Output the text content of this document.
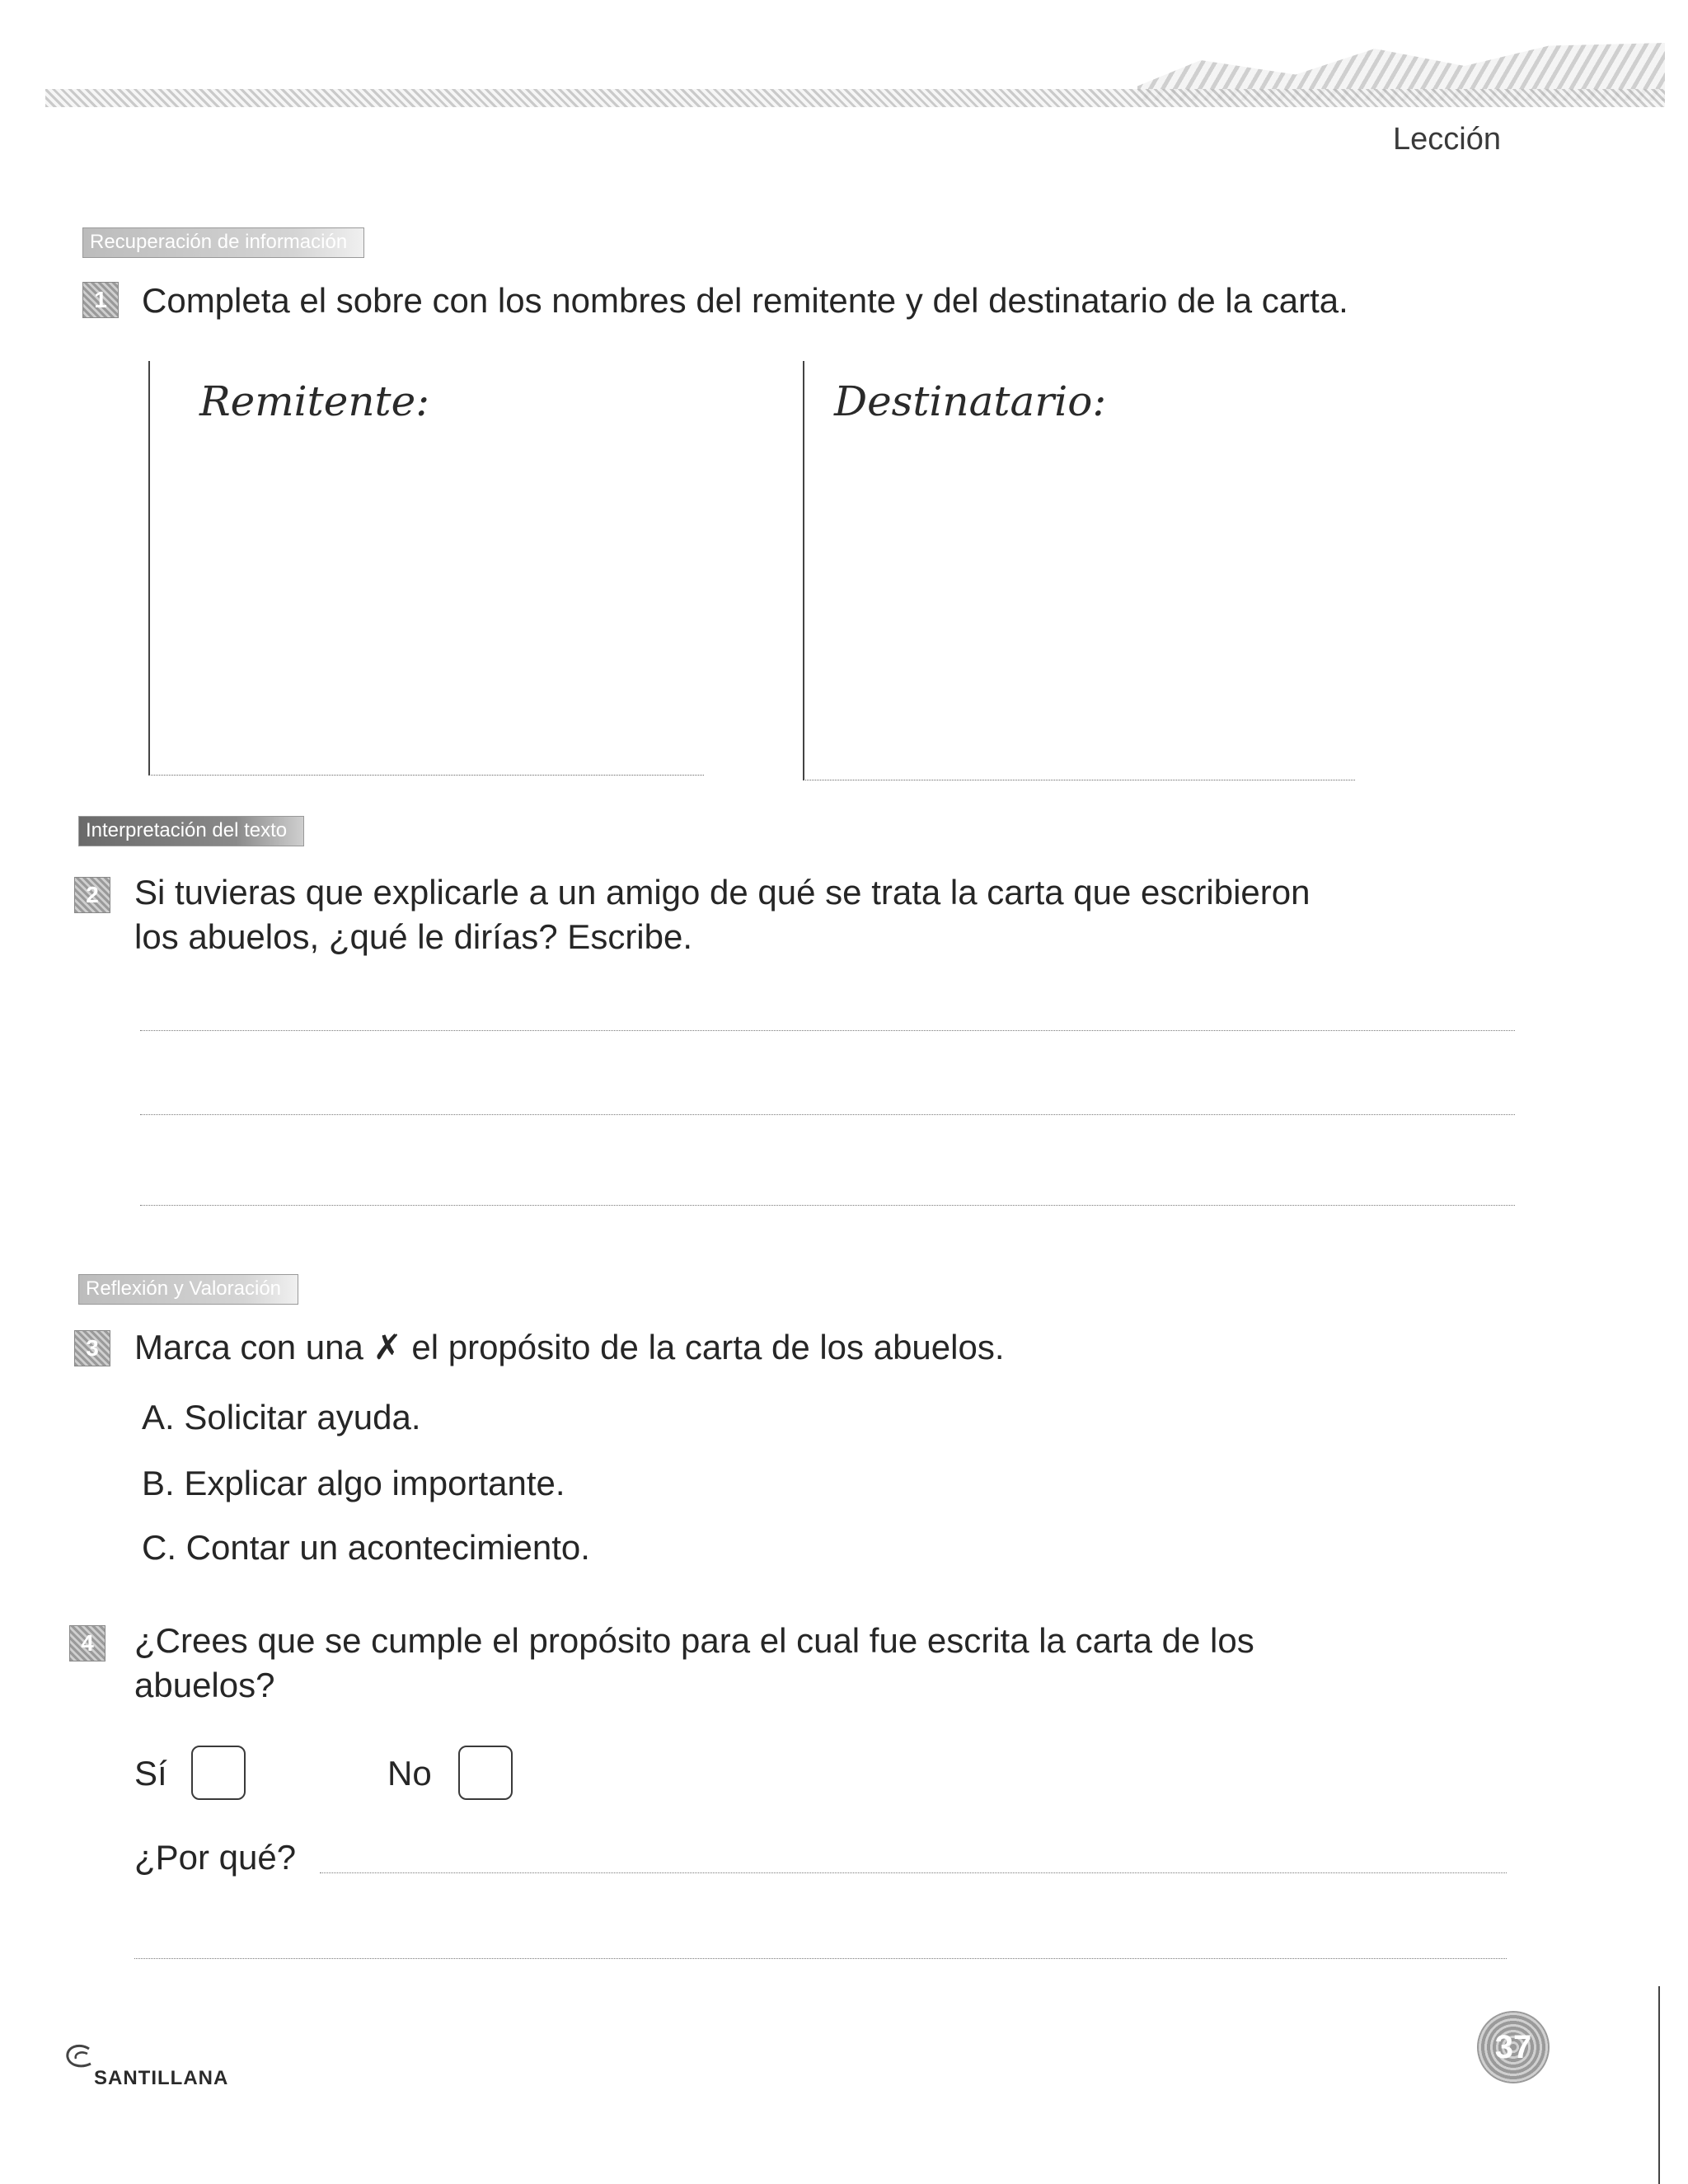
Lección
Recuperación de información
1	Completa el sobre con los nombres del remitente y del destinatario de la carta.
Remitente:	Destinatario:
Interpretación del texto
2	Si tuvieras que explicarle a un amigo de qué se trata la carta que escribieron
los abuelos, ¿qué le dirías? Escribe.
Reflexión y Valoración
3	Marca con una ✗ el propósito de la carta de los abuelos.
A. Solicitar ayuda.
B. Explicar algo importante.
C. Contar un acontecimiento.
4	¿Crees que se cumple el propósito para el cual fue escrita la carta de los
abuelos?
Sí	No
¿Por qué?
SANTILLANA
37
